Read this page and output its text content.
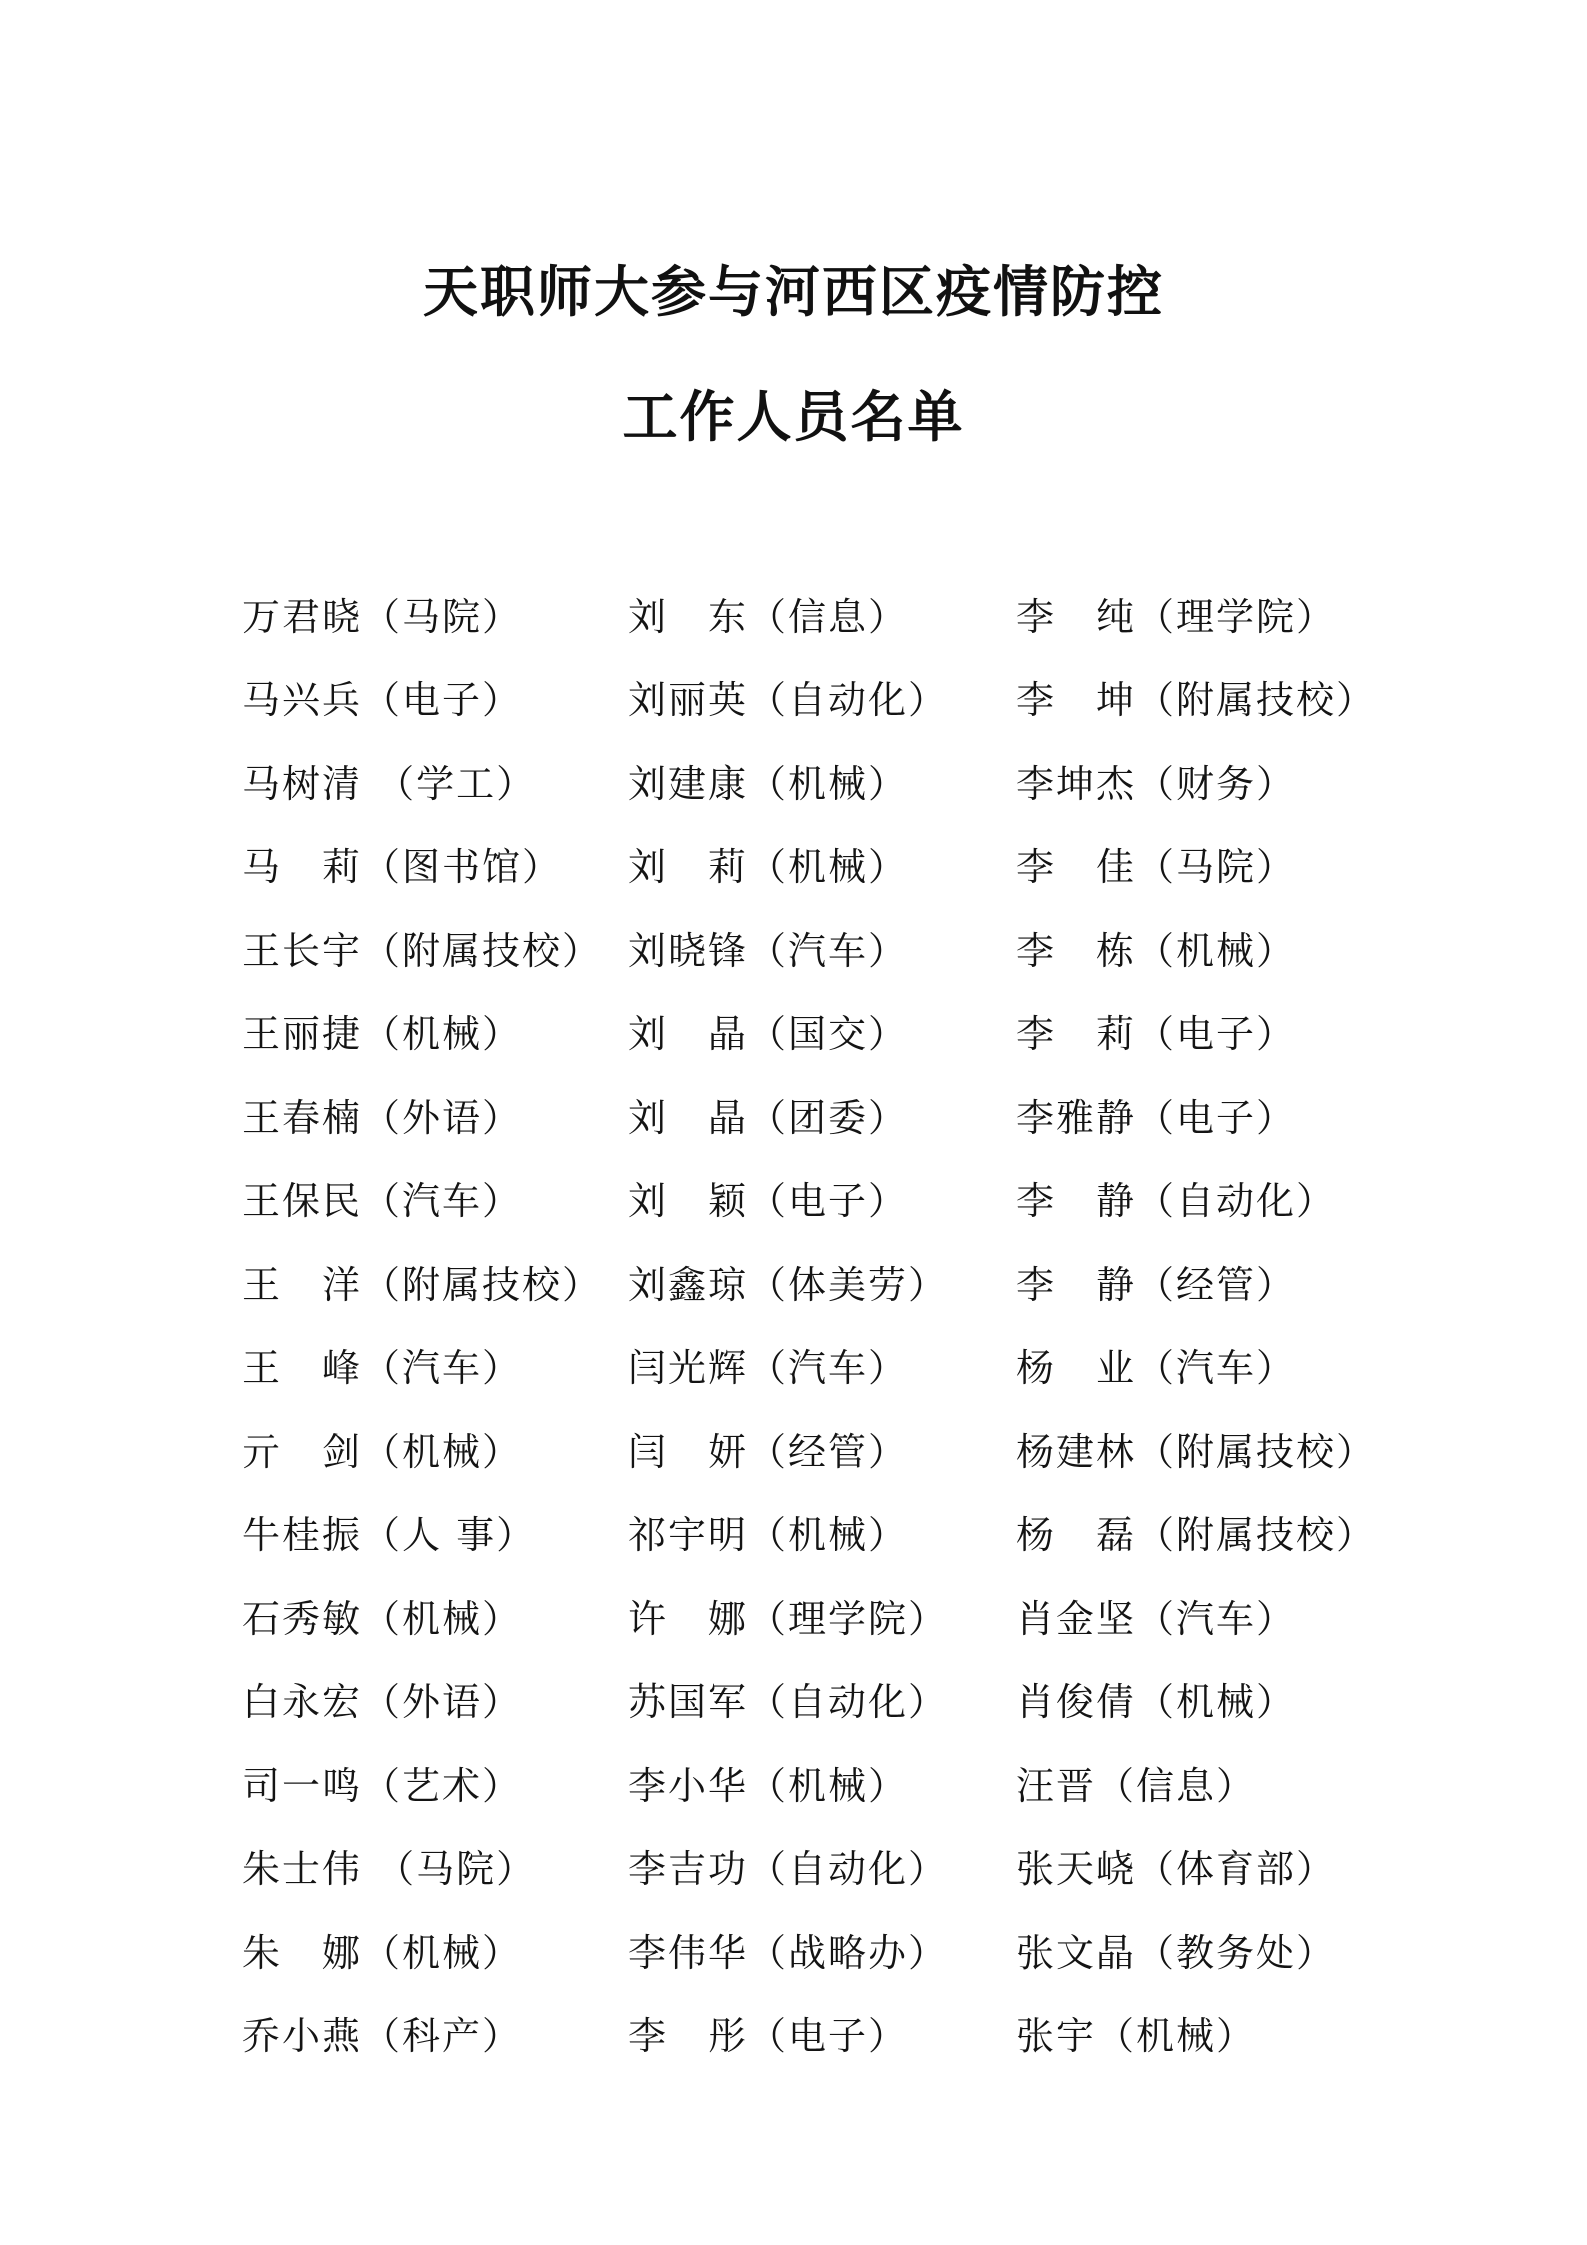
天职师大参与河西区疫情防控
工作人员名单
万君晓（马院）	刘　东（信息）	李　纯（理学院）
马兴兵（电子）	刘丽英（自动化）	李　坤（附属技校）
马树清 （学工）	刘建康（机械）	李坤杰（财务）
马　莉（图书馆）	刘　莉（机械）	李　佳（马院）
王长宇（附属技校） 刘晓锋（汽车）	李　栋（机械）
王丽捷（机械）	刘　晶（国交）	李　莉（电子）
王春楠（外语）	刘　晶（团委）	李雅静（电子）
王保民（汽车）	刘　颖（电子）	李　静（自动化）
王　洋（附属技校） 刘鑫琼（体美劳）	李　静（经管）
王　峰（汽车）	闫光辉（汽车）	杨　业（汽车）
亓　剑（机械）	闫　妍（经管）	杨建林（附属技校）
牛桂振（人 事）	祁宇明（机械）	杨　磊（附属技校）
石秀敏（机械）	许　娜（理学院）	肖金坚（汽车）
白永宏（外语）	苏国军（自动化）	肖俊倩（机械）
司一鸣（艺术）	李小华（机械）	汪晋（信息）
朱士伟 （马院）	李吉功（自动化）	张天峣（体育部）
朱　娜（机械）	李伟华（战略办）	张文晶（教务处）
乔小燕（科产）	李　彤（电子）	张宇（机械）
